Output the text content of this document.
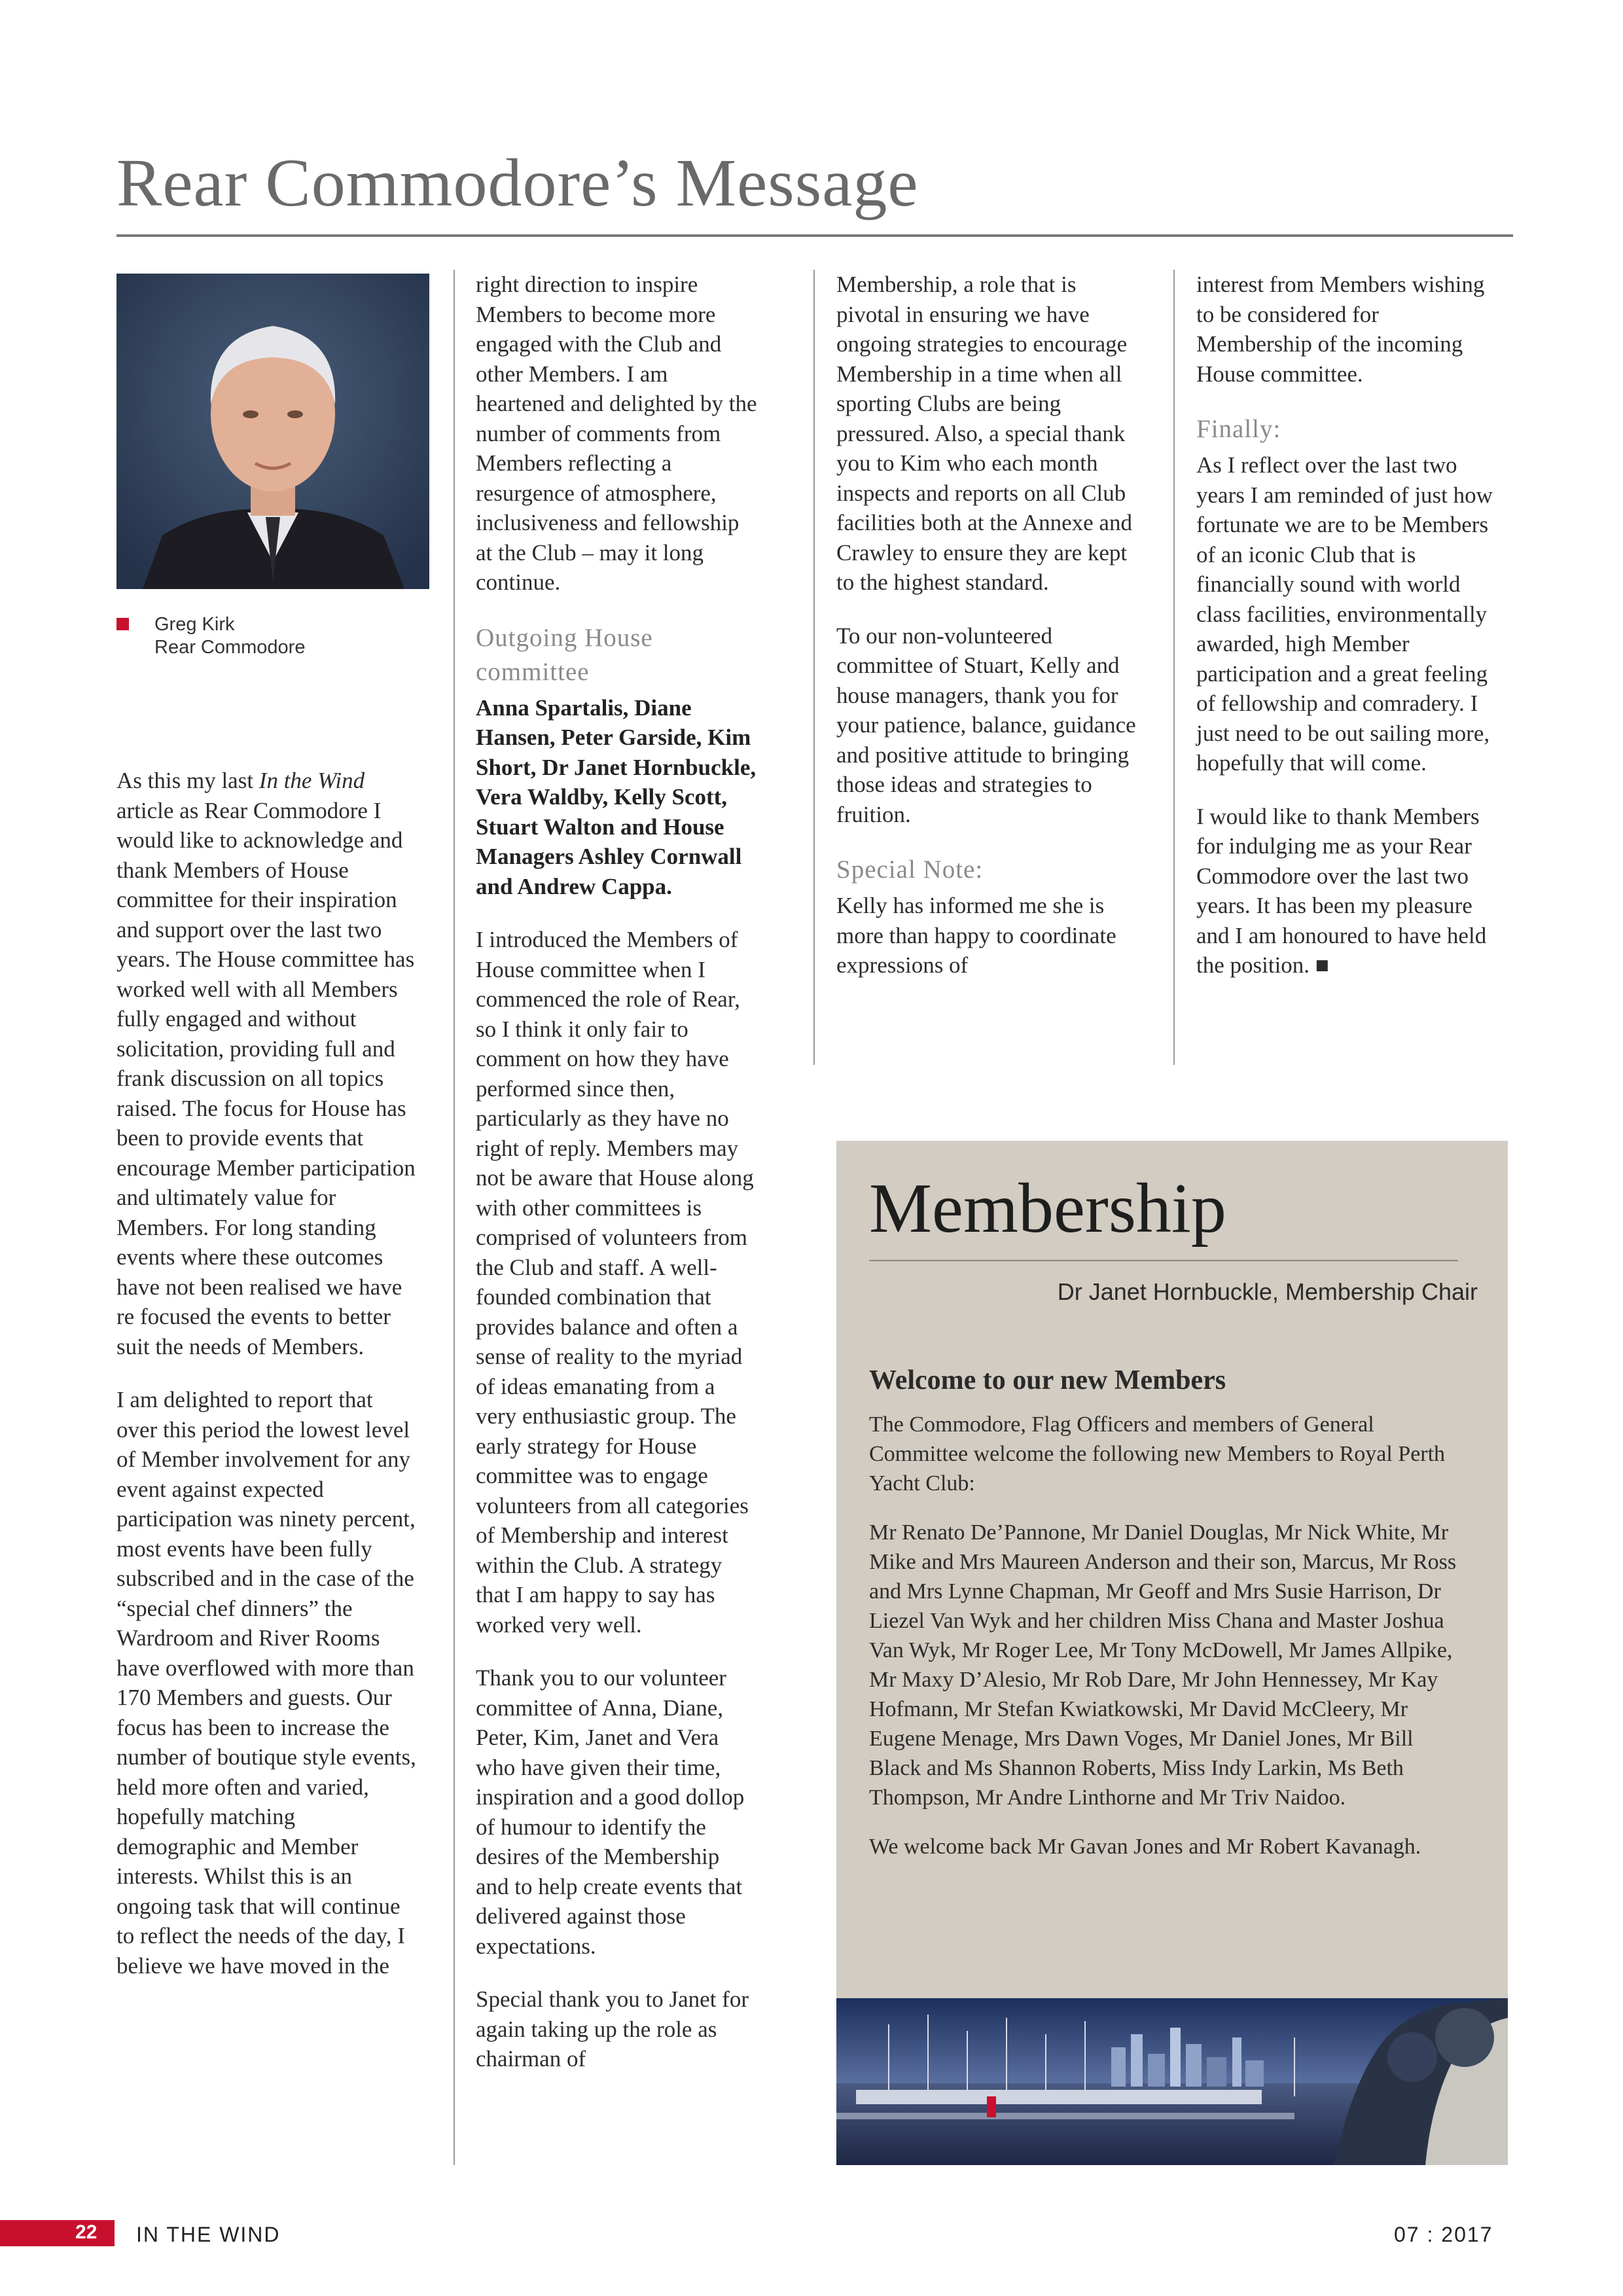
Rear Commodore’s Message
Greg Kirk
Rear Commodore

As this my last In the Wind article as Rear Commodore I would like to acknowledge and thank Members of House committee for their inspiration and support over the last two years. The House committee has worked well with all Members fully engaged and without solicitation, providing full and frank discussion on all topics raised. The focus for House has been to provide events that encourage Member participation and ultimately value for Members. For long standing events where these outcomes have not been realised we have re focused the events to better suit the needs of Members.

I am delighted to report that over this period the lowest level of Member involvement for any event against expected participation was ninety percent, most events have been fully subscribed and in the case of the “special chef dinners” the Wardroom and River Rooms have overflowed with more than 170 Members and guests. Our focus has been to increase the number of boutique style events, held more often and varied, hopefully matching demographic and Member interests. Whilst this is an ongoing task that will continue to reflect the needs of the day, I believe we have moved in the

right direction to inspire Members to become more engaged with the Club and other Members. I am heartened and delighted by the number of comments from Members reflecting a resurgence of atmosphere, inclusiveness and fellowship at the Club – may it long continue.

Outgoing House committee

Anna Spartalis, Diane Hansen, Peter Garside, Kim Short, Dr Janet Hornbuckle, Vera Waldby, Kelly Scott, Stuart Walton and House Managers Ashley Cornwall and Andrew Cappa.

I introduced the Members of House committee when I commenced the role of Rear, so I think it only fair to comment on how they have performed since then, particularly as they have no right of reply. Members may not be aware that House along with other committees is comprised of volunteers from the Club and staff. A well-founded combination that provides balance and often a sense of reality to the myriad of ideas emanating from a very enthusiastic group. The early strategy for House committee was to engage volunteers from all categories of Membership and interest within the Club. A strategy that I am happy to say has worked very well.

Thank you to our volunteer committee of Anna, Diane, Peter, Kim, Janet and Vera who have given their time, inspiration and a good dollop of humour to identify the desires of the Membership and to help create events that delivered against those expectations.

Special thank you to Janet for again taking up the role as chairman of

Membership, a role that is pivotal in ensuring we have ongoing strategies to encourage Membership in a time when all sporting Clubs are being pressured. Also, a special thank you to Kim who each month inspects and reports on all Club facilities both at the Annexe and Crawley to ensure they are kept to the highest standard.

To our non-volunteered committee of Stuart, Kelly and house managers, thank you for your patience, balance, guidance and positive attitude to bringing those ideas and strategies to fruition.

Special Note:

Kelly has informed me she is more than happy to coordinate expressions of

interest from Members wishing to be considered for Membership of the incoming House committee.

Finally:

As I reflect over the last two years I am reminded of just how fortunate we are to be Members of an iconic Club that is financially sound with world class facilities, environmentally awarded, high Member participation and a great feeling of fellowship and comradery. I just need to be out sailing more, hopefully that will come.

I would like to thank Members for indulging me as your Rear Commodore over the last two years. It has been my pleasure and I am honoured to have held the position. ■

Membership
Dr Janet Hornbuckle, Membership Chair
Welcome to our new Members

The Commodore, Flag Officers and members of General Committee welcome the following new Members to Royal Perth Yacht Club:

Mr Renato De’Pannone, Mr Daniel Douglas, Mr Nick White, Mr Mike and Mrs Maureen Anderson and their son, Marcus, Mr Ross and Mrs Lynne Chapman, Mr Geoff and Mrs Susie Harrison, Dr Liezel Van Wyk and her children Miss Chana and Master Joshua Van Wyk, Mr Roger Lee, Mr Tony McDowell, Mr James Allpike, Mr Maxy D’Alesio, Mr Rob Dare, Mr John Hennessey, Mr Kay Hofmann, Mr Stefan Kwiatkowski, Mr David McCleery, Mr Eugene Menage, Mrs Dawn Voges, Mr Daniel Jones, Mr Bill Black and Ms Shannon Roberts, Miss Indy Larkin, Ms Beth Thompson, Mr Andre Linthorne and Mr Triv Naidoo.

We welcome back Mr Gavan Jones and Mr Robert Kavanagh.

22 IN THE WIND	07 : 2017
